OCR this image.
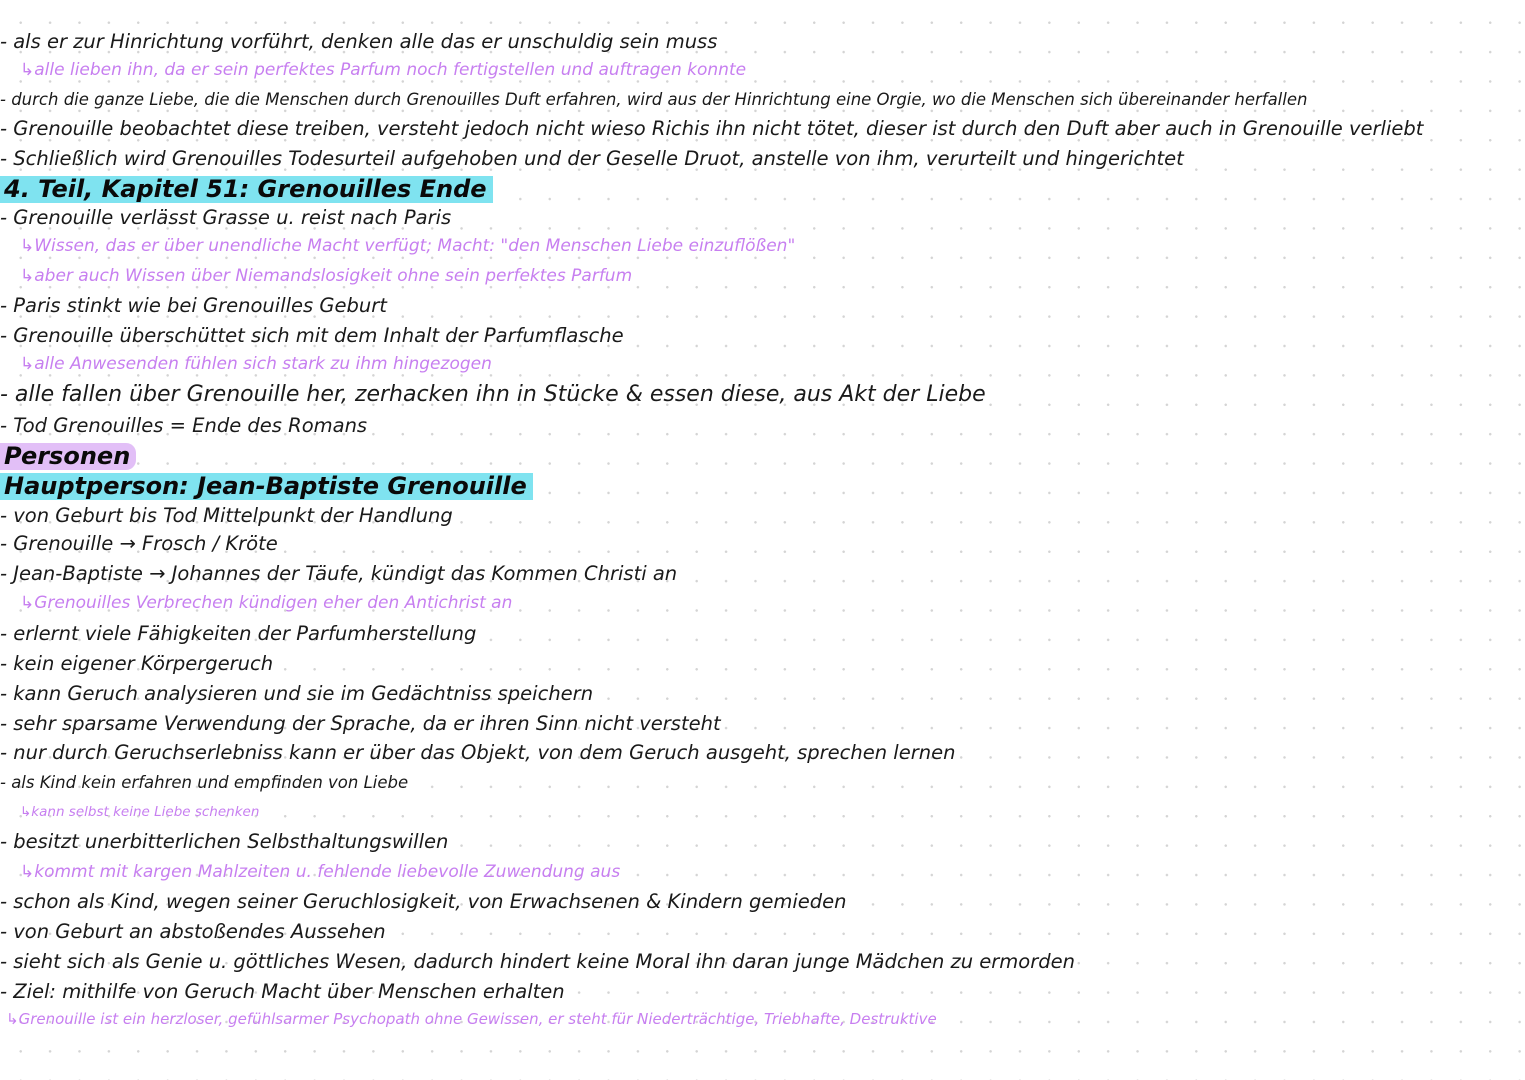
- als er zur Hinrichtung vorführt, denken alle das er unschuldig sein muss
↳alle lieben ihn, da er sein perfektes Parfum noch fertigstellen und auftragen konnte
- durch die ganze Liebe, die die Menschen durch Grenouilles Duft erfahren, wird aus der Hinrichtung eine Orgie, wo die Menschen sich übereinander herfallen
- Grenouille beobachtet diese treiben, versteht jedoch nicht wieso Richis ihn nicht tötet, dieser ist durch den Duft aber auch in Grenouille verliebt
- Schließlich wird Grenouilles Todesurteil aufgehoben und der Geselle Druot, anstelle von ihm, verurteilt und hingerichtet
4. Teil, Kapitel 51: Grenouilles Ende
- Grenouille verlässt Grasse u. reist nach Paris
↳Wissen, das er über unendliche Macht verfügt; Macht: "den Menschen Liebe einzuflößen"
↳aber auch Wissen über Niemandslosigkeit ohne sein perfektes Parfum
- Paris stinkt wie bei Grenouilles Geburt
- Grenouille überschüttet sich mit dem Inhalt der Parfumflasche
↳alle Anwesenden fühlen sich stark zu ihm hingezogen
- alle fallen über Grenouille her, zerhacken ihn in Stücke & essen diese, aus Akt der Liebe
- Tod Grenouilles = Ende des Romans
Personen
Hauptperson: Jean-Baptiste Grenouille
- von Geburt bis Tod Mittelpunkt der Handlung
- Grenouille → Frosch / Kröte
- Jean-Baptiste → Johannes der Täufe, kündigt das Kommen Christi an
↳Grenouilles Verbrechen kündigen eher den Antichrist an
- erlernt viele Fähigkeiten der Parfumherstellung
- kein eigener Körpergeruch
- kann Geruch analysieren und sie im Gedächtniss speichern
- sehr sparsame Verwendung der Sprache, da er ihren Sinn nicht versteht
- nur durch Geruchserlebniss kann er über das Objekt, von dem Geruch ausgeht, sprechen lernen
- als Kind kein erfahren und empfinden von Liebe
↳kann selbst keine Liebe schenken
- besitzt unerbitterlichen Selbsthaltungswillen
↳kommt mit kargen Mahlzeiten u. fehlende liebevolle Zuwendung aus
- schon als Kind, wegen seiner Geruchlosigkeit, von Erwachsenen & Kindern gemieden
- von Geburt an abstoßendes Aussehen
- sieht sich als Genie u. göttliches Wesen, dadurch hindert keine Moral ihn daran junge Mädchen zu ermorden
- Ziel: mithilfe von Geruch Macht über Menschen erhalten
↳Grenouille ist ein herzloser, gefühlsarmer Psychopath ohne Gewissen, er steht für Niederträchtige, Triebhafte, Destruktive
